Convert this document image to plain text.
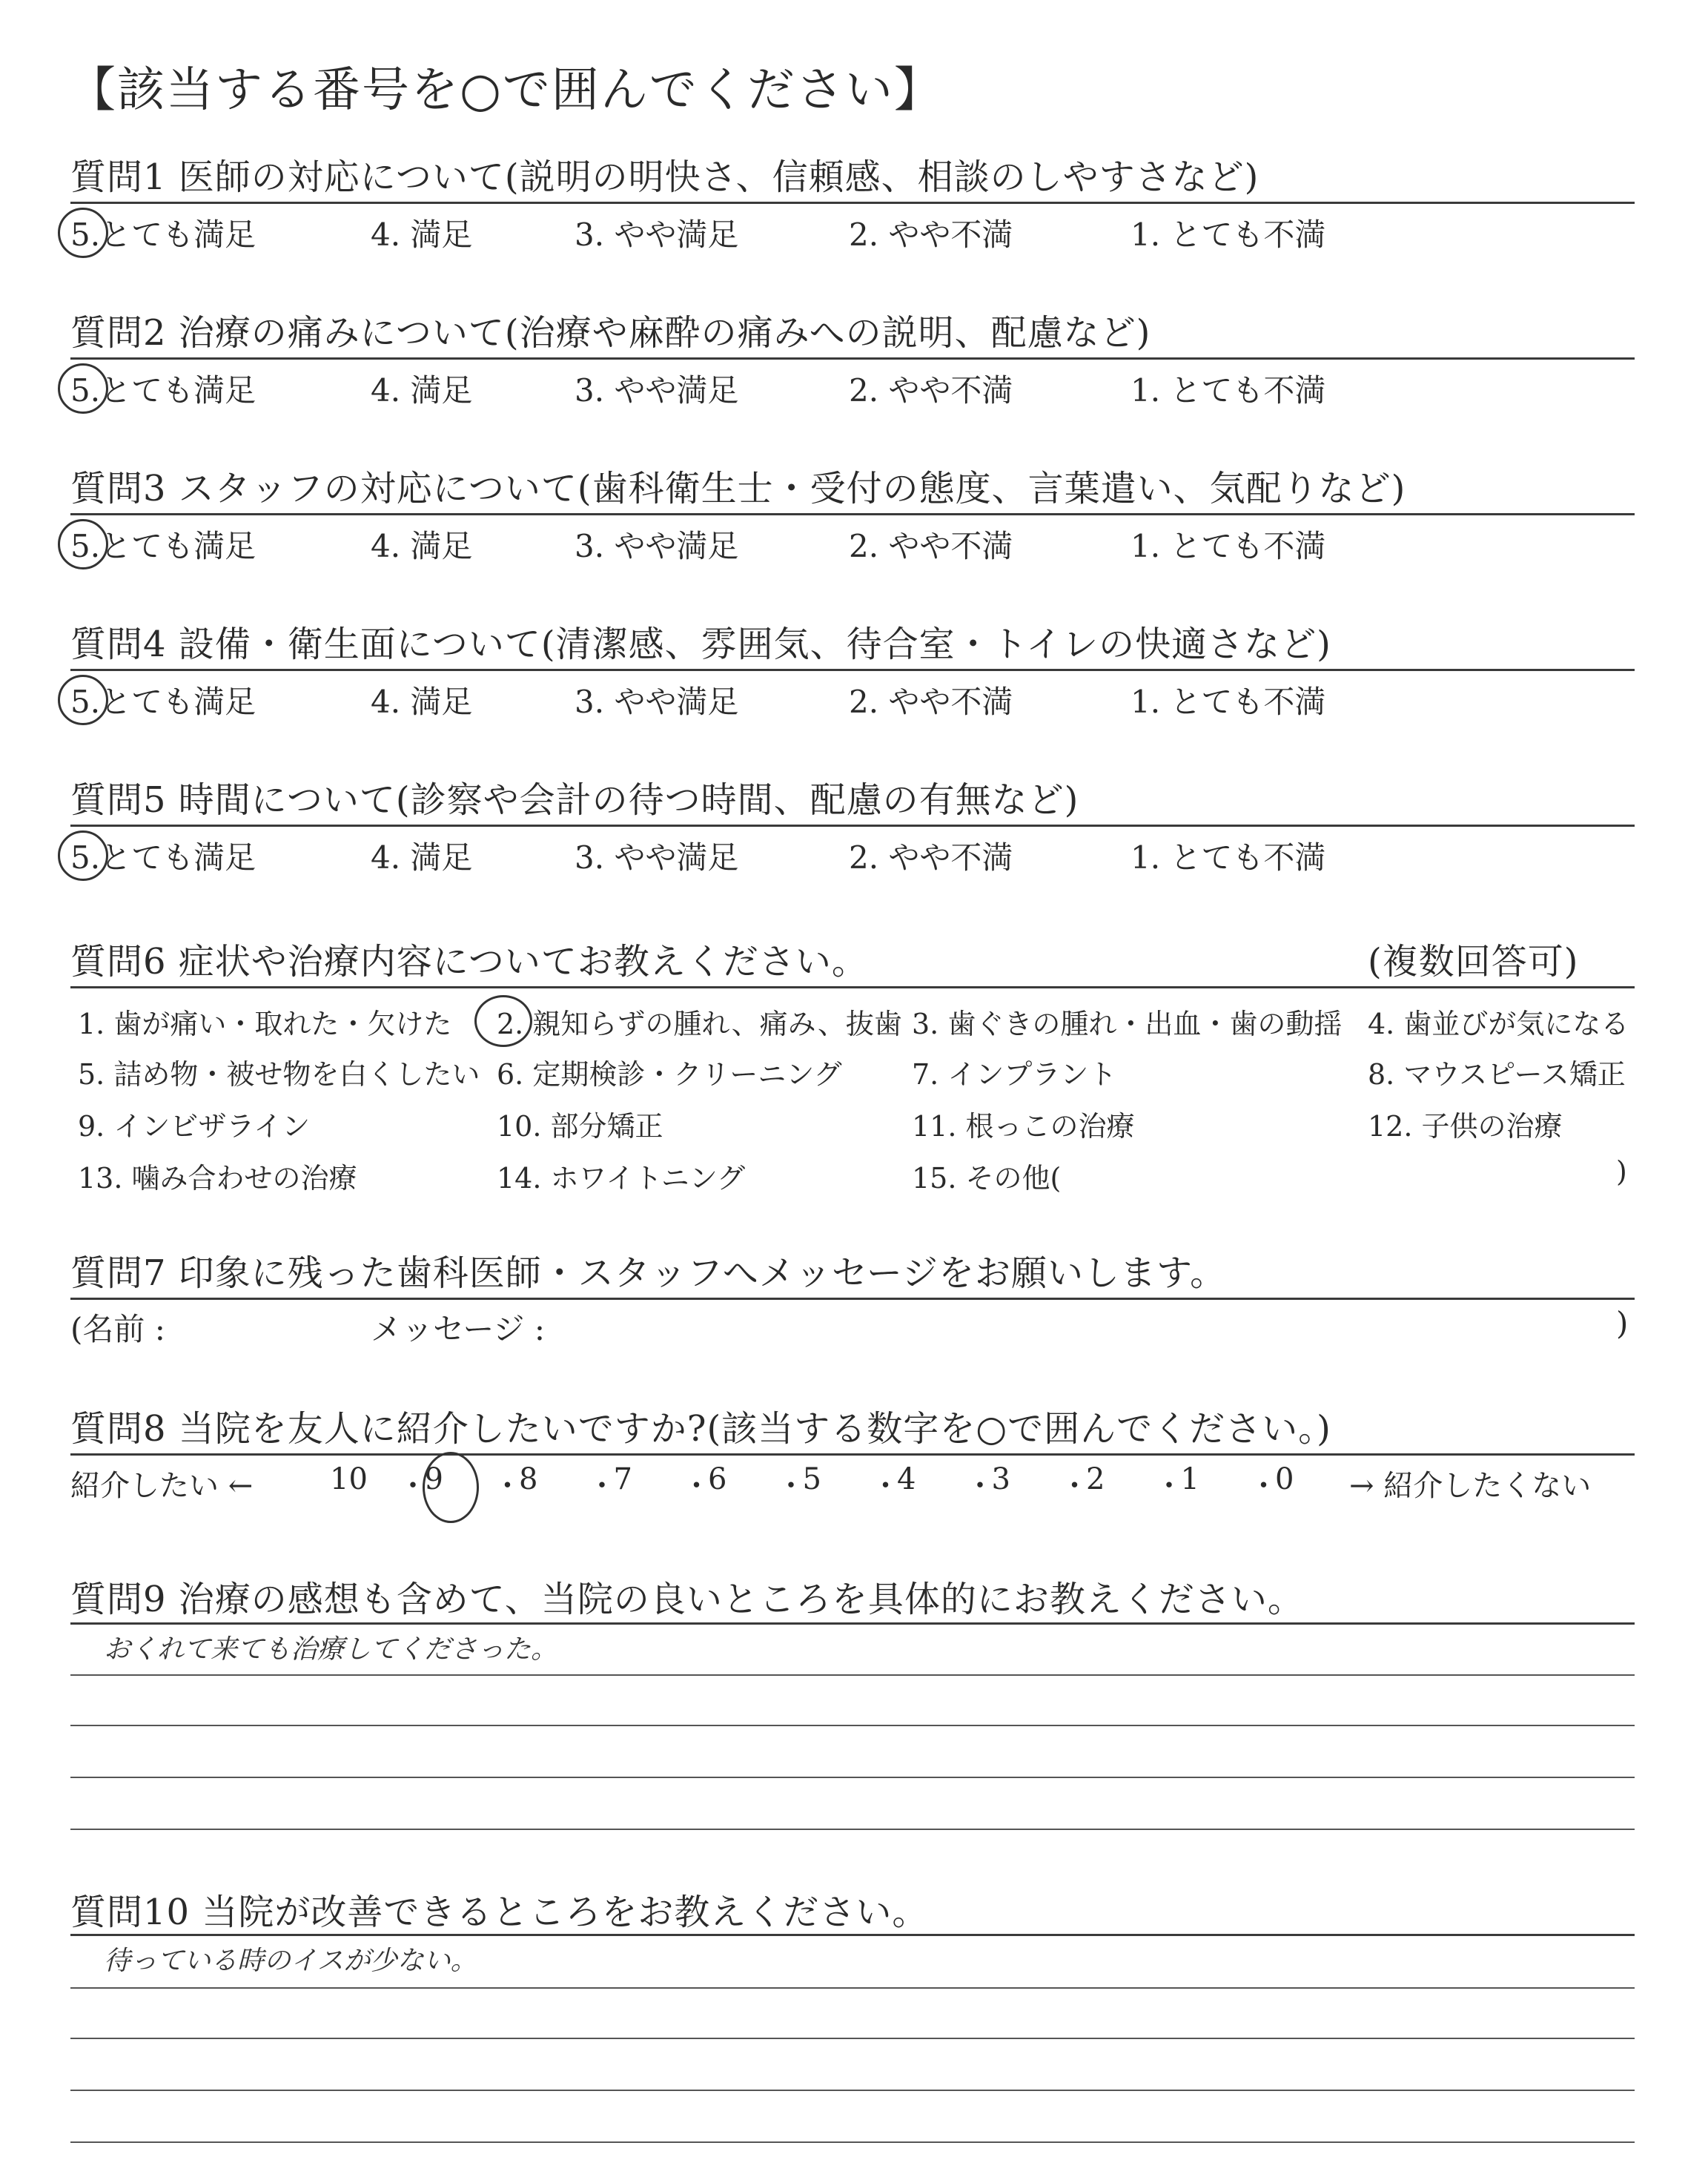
【該当する番号を○で囲んでください】
質問1 医師の対応について(説明の明快さ、信頼感、相談のしやすさなど)
5.とても満足	4. 満足	3. やや満足	2. やや不満	1. とても不満
質問2 治療の痛みについて(治療や麻酔の痛みへの説明、配慮など)
5.とても満足	4. 満足	3. やや満足	2. やや不満	1. とても不満
質問3 スタッフの対応について(歯科衛生士・受付の態度、言葉遣い、気配りなど)
5.とても満足	4. 満足	3. やや満足	2. やや不満	1. とても不満
質問4 設備・衛生面について(清潔感、雰囲気、待合室・トイレの快適さなど)
5.とても満足	4. 満足	3. やや満足	2. やや不満	1. とても不満
質問5 時間について(診察や会計の待つ時間、配慮の有無など)
5.とても満足	4. 満足	3. やや満足	2. やや不満	1. とても不満
質問6 症状や治療内容についてお教えください。	(複数回答可)
1. 歯が痛い・取れた・欠けた 2. 親知らずの腫れ、痛み、抜歯 3. 歯ぐきの腫れ・出血・歯の動揺 4. 歯並びが気になる
5. 詰め物・被せ物を白くしたい 6. 定期検診・クリーニング 7. インプラント	8. マウスピース矯正
9. インビザライン	10. 部分矯正	11. 根っこの治療	12. 子供の治療
13. 噛み合わせの治療	14. ホワイトニング	15. その他(	)
質問7 印象に残った歯科医師・スタッフへメッセージをお願いします。
(名前 :	メッセージ :	)
質問8 当院を友人に紹介したいですか?(該当する数字を○で囲んでください。)
紹介したい ←	10 ・
9 ・
8 ・
7 ・
6 ・
5 ・
4 ・
3 ・
2 ・
1 ・
0 → 紹介したくない
質問9 治療の感想も含めて、当院の良いところを具体的にお教えください。
おくれて来ても治療してくださった。
質問10 当院が改善できるところをお教えください。
待っている時のイスが少ない。
